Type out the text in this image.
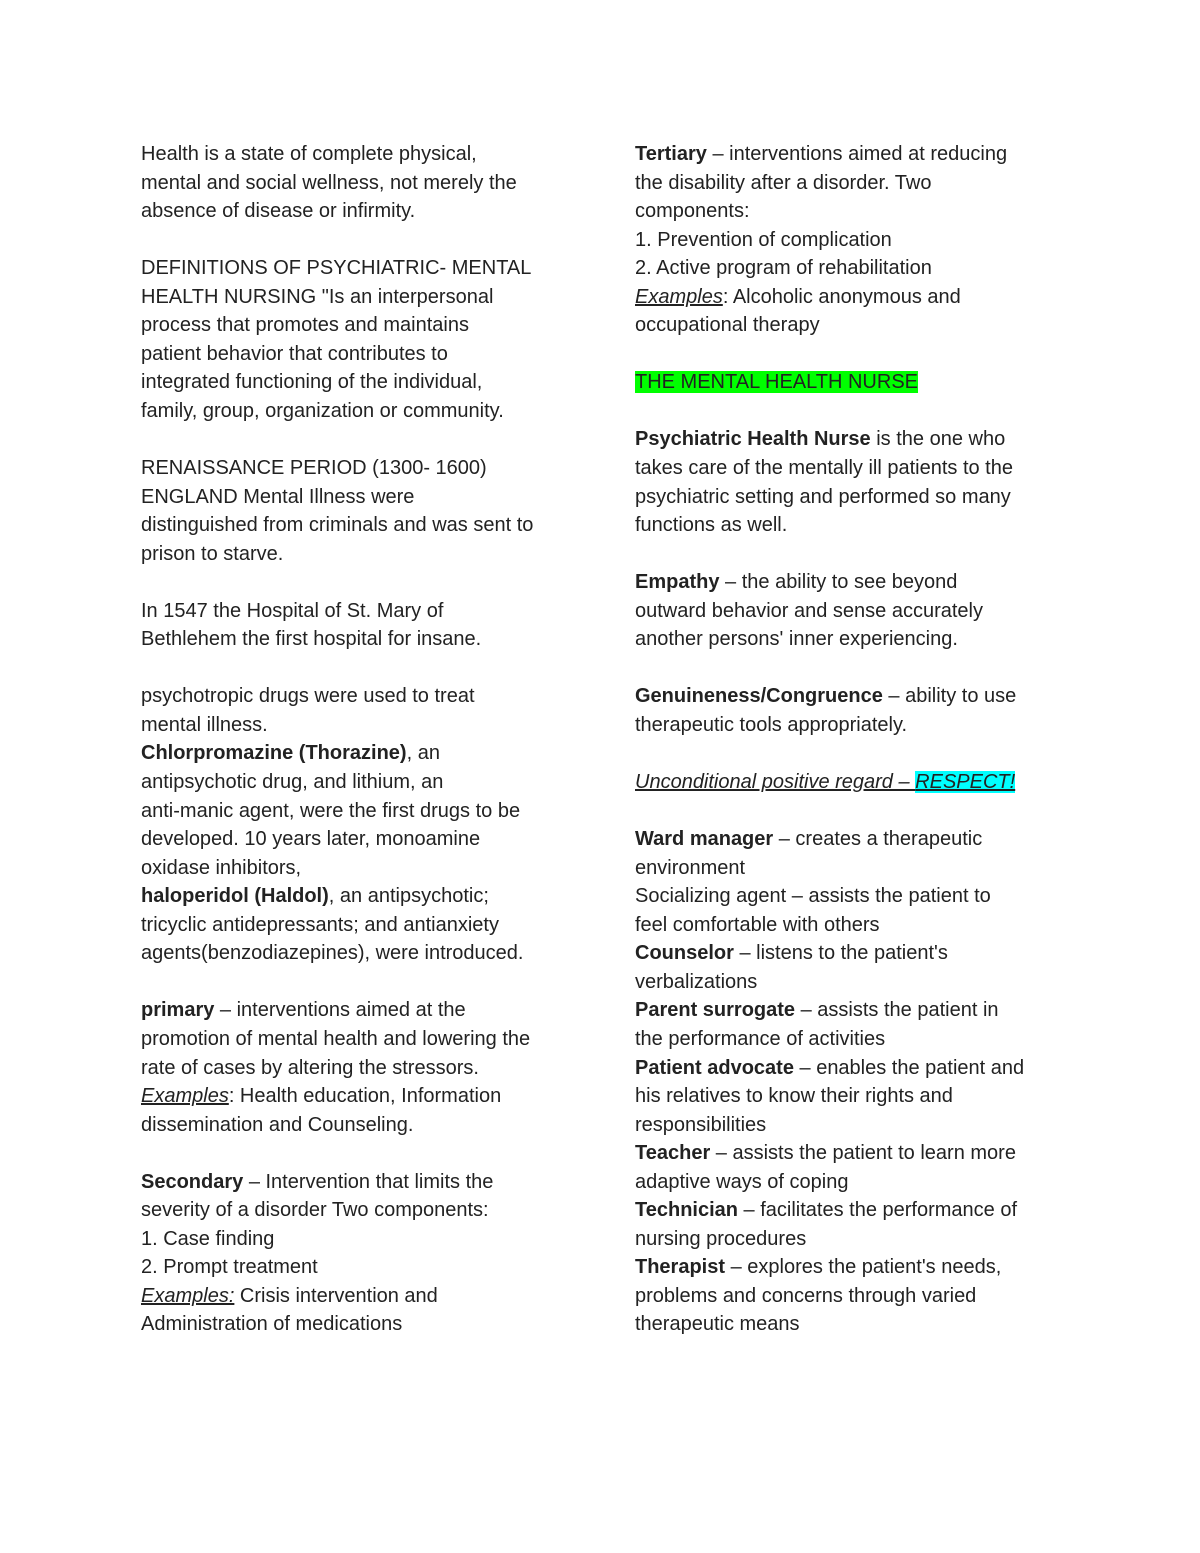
Health is a state of complete physical,
mental and social wellness, not merely the
absence of disease or infirmity.
DEFINITIONS OF PSYCHIATRIC- MENTAL
HEALTH NURSING "Is an interpersonal
process that promotes and maintains
patient behavior that contributes to
integrated functioning of the individual,
family, group, organization or community.
RENAISSANCE PERIOD (1300- 1600)
ENGLAND Mental Illness were
distinguished from criminals and was sent to
prison to starve.
In 1547 the Hospital of St. Mary of
Bethlehem the first hospital for insane.
psychotropic drugs were used to treat
mental illness.
Chlorpromazine (Thorazine), an
antipsychotic drug, and lithium, an
anti-manic agent, were the first drugs to be
developed. 10 years later, monoamine
oxidase inhibitors,
haloperidol (Haldol), an antipsychotic;
tricyclic antidepressants; and antianxiety
agents(benzodiazepines), were introduced.
primary – interventions aimed at the
promotion of mental health and lowering the
rate of cases by altering the stressors.
Examples: Health education, Information
dissemination and Counseling.
Secondary – Intervention that limits the
severity of a disorder Two components:
1. Case finding
2. Prompt treatment
Examples: Crisis intervention and
Administration of medications
Tertiary – interventions aimed at reducing
the disability after a disorder. Two
components:
1. Prevention of complication
2. Active program of rehabilitation
Examples: Alcoholic anonymous and
occupational therapy
THE MENTAL HEALTH NURSE
Psychiatric Health Nurse is the one who
takes care of the mentally ill patients to the
psychiatric setting and performed so many
functions as well.
Empathy – the ability to see beyond
outward behavior and sense accurately
another persons' inner experiencing.
Genuineness/Congruence – ability to use
therapeutic tools appropriately.
Unconditional positive regard – RESPECT!
Ward manager – creates a therapeutic
environment
Socializing agent – assists the patient to
feel comfortable with others
Counselor – listens to the patient's
verbalizations
Parent surrogate – assists the patient in
the performance of activities
Patient advocate – enables the patient and
his relatives to know their rights and
responsibilities
Teacher – assists the patient to learn more
adaptive ways of coping
Technician – facilitates the performance of
nursing procedures
Therapist – explores the patient's needs,
problems and concerns through varied
therapeutic means
